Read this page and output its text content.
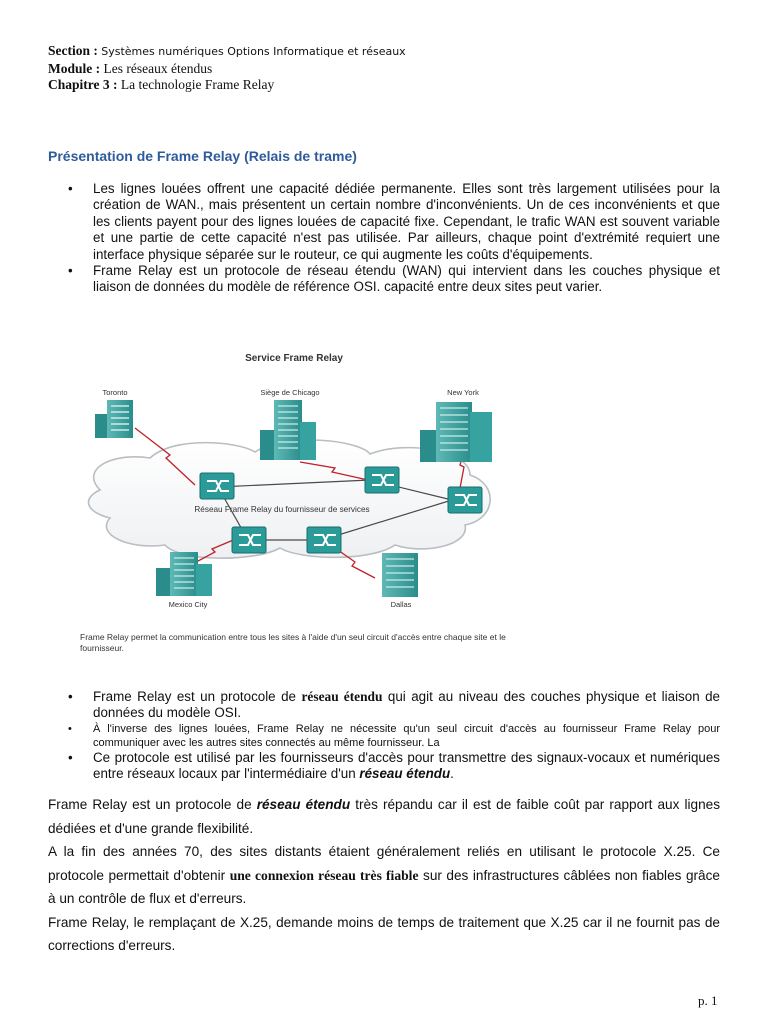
Section : Systèmes numériques Options Informatique et réseaux
Module : Les réseaux étendus
Chapitre 3 : La technologie Frame Relay
Présentation de Frame Relay (Relais de trame)
• Les lignes louées offrent une capacité dédiée permanente. Elles sont très largement utilisées pour la création de WAN., mais présentent un certain nombre d'inconvénients. Un de ces inconvénients et que les clients payent pour des lignes louées de capacité fixe. Cependant, le trafic WAN est souvent variable et une partie de cette capacité n'est pas utilisée. Par ailleurs, chaque point d'extrémité requiert une interface physique séparée sur le routeur, ce qui augmente les coûts d'équipements.
• Frame Relay est un protocole de réseau étendu (WAN) qui intervient dans les couches physique et liaison de données du modèle de référence OSI. capacité entre deux sites peut varier.
Service Frame Relay
Réseau Frame Relay du fournisseur de services
Toronto	Siège de Chicago	New York
Mexico City	Dallas
Frame Relay permet la communication entre tous les sites à l'aide d'un seul circuit d'accès entre chaque site et le fournisseur.
• Frame Relay est un protocole de réseau étendu qui agit au niveau des couches physique et liaison de données du modèle OSI.
• À l'inverse des lignes louées, Frame Relay ne nécessite qu'un seul circuit d'accès au fournisseur Frame Relay pour communiquer avec les autres sites connectés au même fournisseur. La
• Ce protocole est utilisé par les fournisseurs d'accès pour transmettre des signaux-vocaux et numériques entre réseaux locaux par l'intermédiaire d'un réseau étendu.
Frame Relay est un protocole de réseau étendu très répandu car il est de faible coût par rapport aux lignes dédiées et d'une grande flexibilité.
A la fin des années 70, des sites distants étaient généralement reliés en utilisant le protocole X.25. Ce protocole permettait d'obtenir une connexion réseau très fiable sur des infrastructures câblées non fiables grâce à un contrôle de flux et d'erreurs.
Frame Relay, le remplaçant de X.25, demande moins de temps de traitement que X.25 car il ne fournit pas de corrections d'erreurs.
p. 1
